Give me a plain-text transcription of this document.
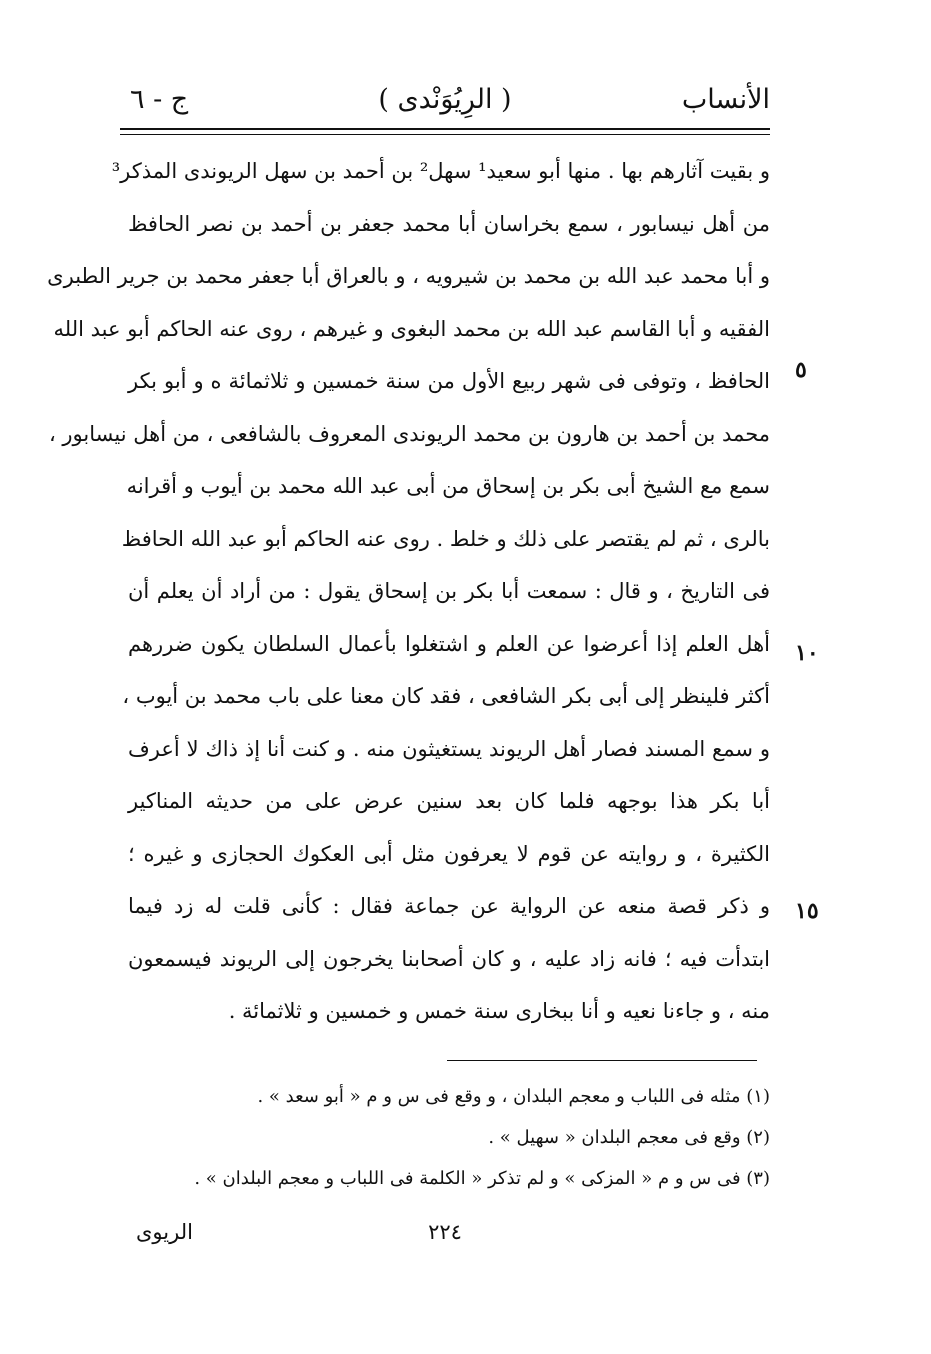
الأنساب
( الرِيُوَنْدى )
ج - ٦
و بقيت آثارهم بها . منها أبو سعيد¹ سهل² بن أحمد بن سهل الريوندى المذكر³
من أهل نيسابور ، سمع بخراسان أبا محمد جعفر بن أحمد بن نصر الحافظ
و أبا محمد عبد الله بن محمد بن شيرويه ، و بالعراق أبا جعفر محمد بن جرير الطبرى
الفقيه و أبا القاسم عبد الله بن محمد البغوى و غيرهم ، روى عنه الحاكم أبو عبد الله
الحافظ ، وتوفى فى شهر ربيع الأول من سنة خمسين و ثلاثمائة ه و أبو بكر
محمد بن أحمد بن هارون بن محمد الريوندى المعروف بالشافعى ، من أهل نيسابور ،
سمع مع الشيخ أبى بكر بن إسحاق من أبى عبد الله محمد بن أيوب و أقرانه
بالرى ، ثم لم يقتصر على ذلك و خلط . روى عنه الحاكم أبو عبد الله الحافظ
فى التاريخ ، و قال : سمعت أبا بكر بن إسحاق يقول : من أراد أن يعلم أن
أهل العلم إذا أعرضوا عن العلم و اشتغلوا بأعمال السلطان يكون ضررهم
أكثر فلينظر إلى أبى بكر الشافعى ، فقد كان معنا على باب محمد بن أيوب ،
و سمع المسند فصار أهل الريوند يستغيثون منه . و كنت أنا إذ ذاك لا أعرف
أبا بكر هذا بوجهه فلما كان بعد سنين عرض على من حديثه المناكير
الكثيرة ، و روايته عن قوم لا يعرفون مثل أبى العكوك الحجازى و غيره ؛
و ذكر قصة منعه عن الرواية عن جماعة فقال : كأنى قلت له زد فيما
ابتدأت فيه ؛ فانه زاد عليه ، و كان أصحابنا يخرجون إلى الريوند فيسمعون
منه ، و جاءنا نعيه و أنا ببخارى سنة خمس و خمسين و ثلاثمائة .
٥
١٠
١٥
(١) مثله فى اللباب و معجم البلدان ، و وقع فى س و م « أبو سعد » .
(٢) وقع فى معجم البلدان « سهيل » .
(٣) فى س و م « المزكى » و لم تذكر « الكلمة فى اللباب و معجم البلدان » .
٢٢٤
الريوى
